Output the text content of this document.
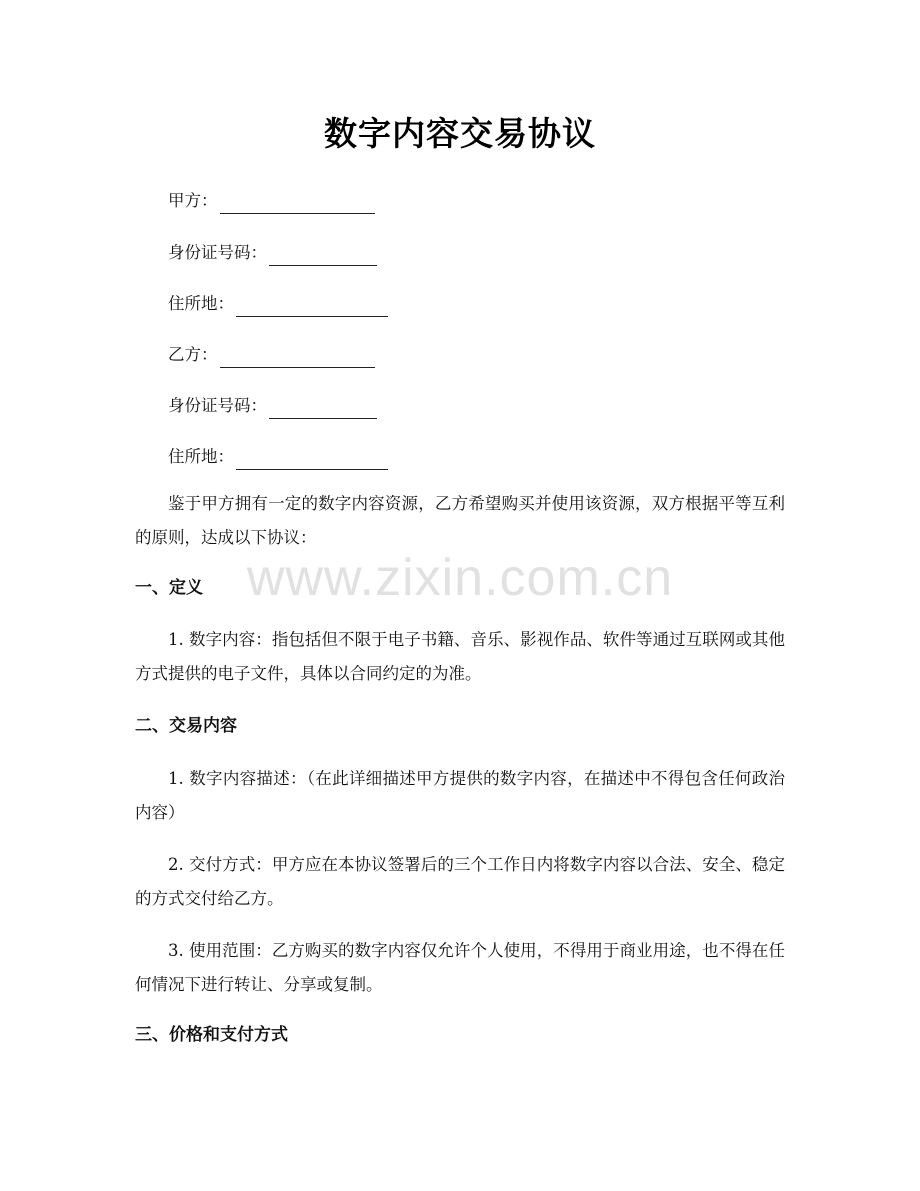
数字内容交易协议
甲方：
身份证号码：
住所地：
乙方：
身份证号码：
住所地：
鉴于甲方拥有一定的数字内容资源，乙方希望购买并使用该资源，双方根据平等互利的原则，达成以下协议：
www.zixin.com.cn
一、定义
1. 数字内容：指包括但不限于电子书籍、音乐、影视作品、软件等通过互联网或其他方式提供的电子文件，具体以合同约定的为准。
二、交易内容
1. 数字内容描述：（在此详细描述甲方提供的数字内容，在描述中不得包含任何政治内容）
2. 交付方式：甲方应在本协议签署后的三个工作日内将数字内容以合法、安全、稳定的方式交付给乙方。
3. 使用范围：乙方购买的数字内容仅允许个人使用，不得用于商业用途，也不得在任何情况下进行转让、分享或复制。
三、价格和支付方式
